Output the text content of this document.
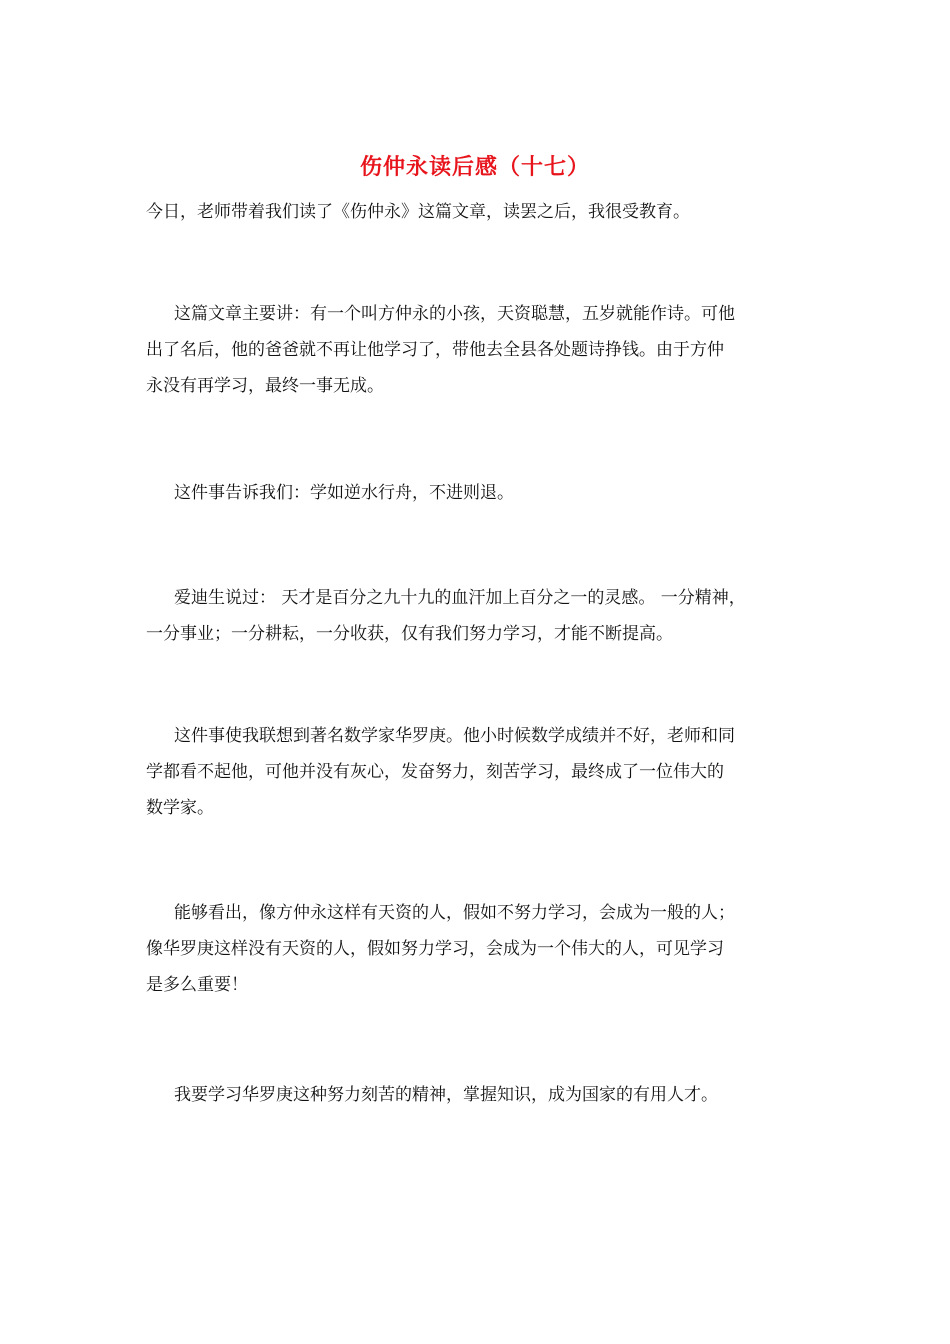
伤仲永读后感（十七）
今日，老师带着我们读了《伤仲永》这篇文章，读罢之后，我很受教育。
这篇文章主要讲：有一个叫方仲永的小孩，天资聪慧，五岁就能作诗。可他
出了名后，他的爸爸就不再让他学习了，带他去全县各处题诗挣钱。由于方仲
永没有再学习，最终一事无成。
这件事告诉我们：学如逆水行舟，不进则退。
爱迪生说过： 天才是百分之九十九的血汗加上百分之一的灵感。 一分精神，
一分事业；一分耕耘，一分收获，仅有我们努力学习，才能不断提高。
这件事使我联想到著名数学家华罗庚。他小时候数学成绩并不好，老师和同
学都看不起他，可他并没有灰心，发奋努力，刻苦学习，最终成了一位伟大的
数学家。
能够看出，像方仲永这样有天资的人，假如不努力学习，会成为一般的人；
像华罗庚这样没有天资的人，假如努力学习，会成为一个伟大的人，可见学习
是多么重要！
我要学习华罗庚这种努力刻苦的精神，掌握知识，成为国家的有用人才。
